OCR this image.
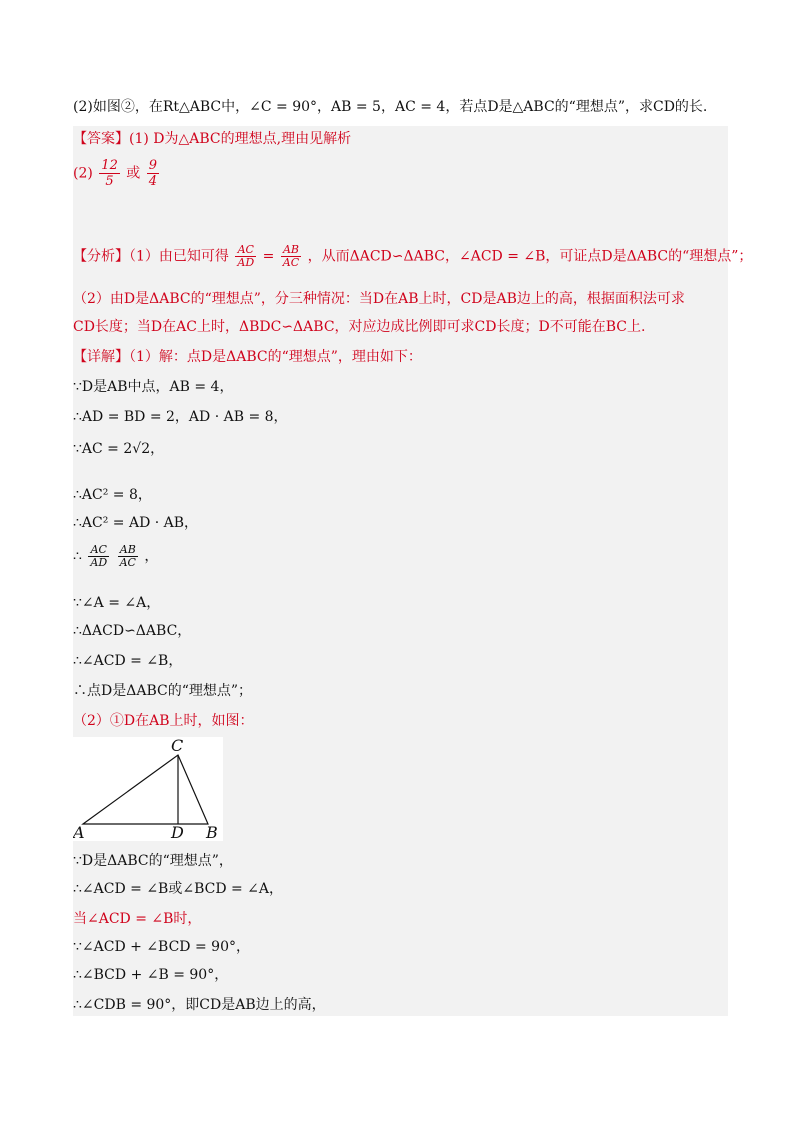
(2)如图②，在Rt△ABC中，∠C = 90°，AB = 5，AC = 4，若点D是△ABC的“理想点”，求CD的长.
【答案】(1) D为△ABC的理想点,理由见解析
$(2) \frac{12}{5}$ 或 $\frac{9}{4}$
【分析】（1）由已知可得 $\frac{AC}{AD} = \frac{AB}{AC}$ ，从而ΔACD∽ΔABC，∠ACD = ∠B，可证点D是ΔABC的“理想点”；
（2）由D是ΔABC的“理想点”，分三种情况：当D在AB上时，CD是AB边上的高，根据面积法可求
CD长度；当D在AC上时，ΔBDC∽ΔABC，对应边成比例即可求CD长度；D不可能在BC上.
【详解】（1）解：点D是ΔABC的“理想点”，理由如下：
∵D是AB中点，AB = 4，
∴AD = BD = 2，AD · AB = 8，
∵AC = 2√2，
∴AC² = 8，
∴AC² = AD · AB，
∴ $\frac{AC}{AD}$
$\frac{AB}{AC}$ ，
∵∠A = ∠A，
∴ΔACD∽ΔABC，
∴∠ACD = ∠B，
∴点D是ΔABC的“理想点”；
（2）①D在AB上时，如图：
C
A	D B
∵D是ΔABC的“理想点”，
∴∠ACD = ∠B或∠BCD = ∠A，
当∠ACD = ∠B时，
∵∠ACD + ∠BCD = 90°，
∴∠BCD + ∠B = 90°，
∴∠CDB = 90°，即CD是AB边上的高，
